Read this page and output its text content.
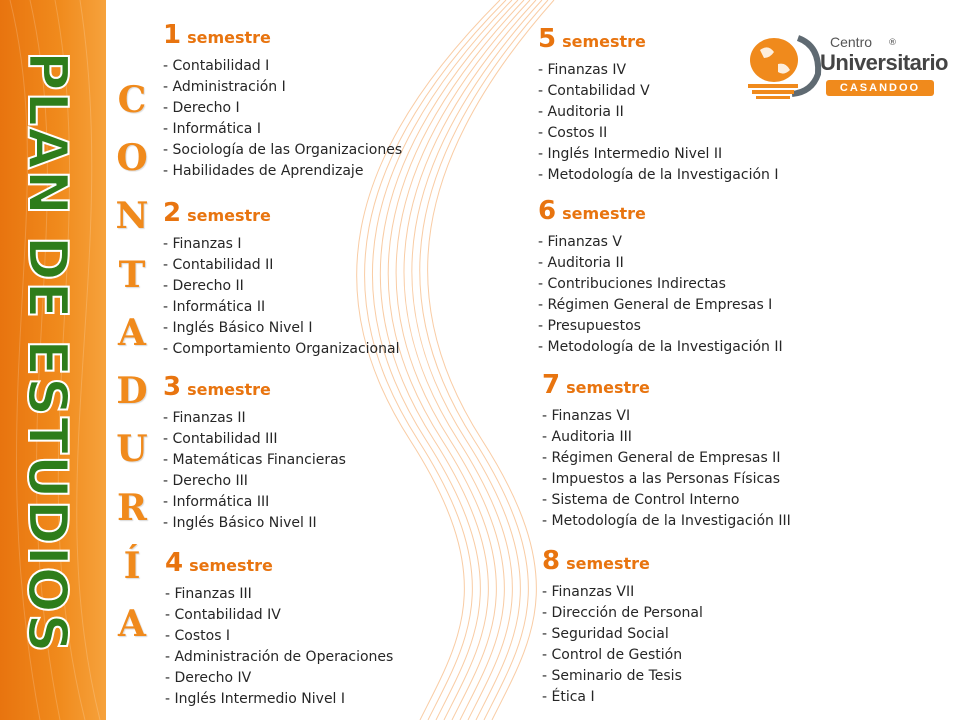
PLAN DE ESTUDIOS C
O
N
T
A
D
U
R
Í
A
Centro ®
Universitario
CASANDOO
1 semestre
- Contabilidad I
- Administración I
- Derecho I
- Informática I
- Sociología de las Organizaciones
- Habilidades de Aprendizaje
2 semestre
- Finanzas I
- Contabilidad II
- Derecho II
- Informática II
- Inglés Básico Nivel I
- Comportamiento Organizacional
3 semestre
- Finanzas II
- Contabilidad III
- Matemáticas Financieras
- Derecho III
- Informática III
- Inglés Básico Nivel II
4 semestre
- Finanzas III
- Contabilidad IV
- Costos I
- Administración de Operaciones
- Derecho IV
- Inglés Intermedio Nivel I
5 semestre
- Finanzas IV
- Contabilidad V
- Auditoria II
- Costos II
- Inglés Intermedio Nivel II
- Metodología de la Investigación I
6 semestre
- Finanzas V
- Auditoria II
- Contribuciones Indirectas
- Régimen General de Empresas I
- Presupuestos
- Metodología de la Investigación II
7 semestre
- Finanzas VI
- Auditoria III
- Régimen General de Empresas II
- Impuestos a las Personas Físicas
- Sistema de Control Interno
- Metodología de la Investigación III
8 semestre
- Finanzas VII
- Dirección de Personal
- Seguridad Social
- Control de Gestión
- Seminario de Tesis
- Ética I
